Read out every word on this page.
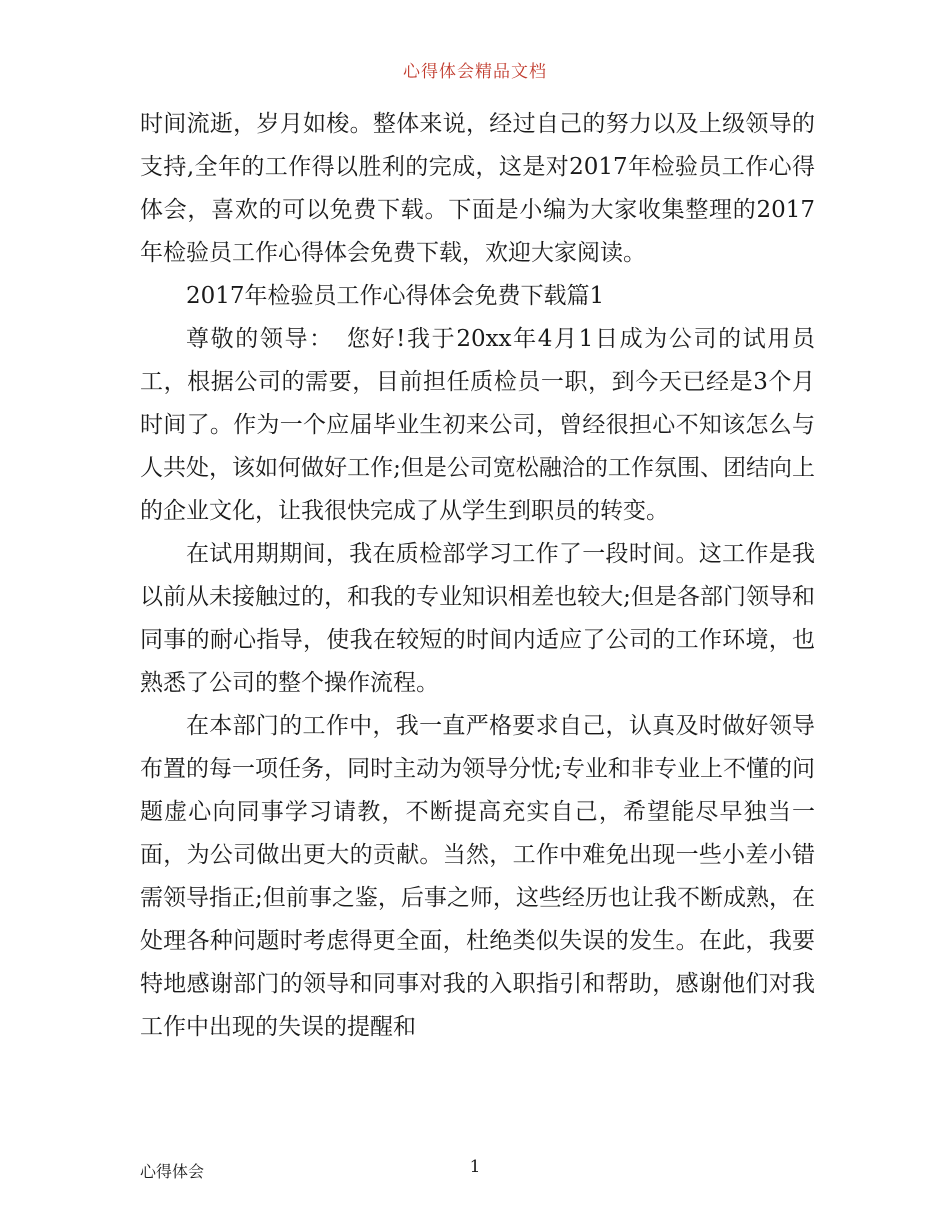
心得体会精品文档

时间流逝，岁月如梭。整体来说，经过自己的努力以及上级领导的支持,全年的工作得以胜利的完成，这是对2017年检验员工作心得体会，喜欢的可以免费下载。下面是小编为大家收集整理的2017年检验员工作心得体会免费下载，欢迎大家阅读。

2017年检验员工作心得体会免费下载篇1

尊敬的领导：　您好!我于20xx年4月1日成为公司的试用员工，根据公司的需要，目前担任质检员一职，到今天已经是3个月时间了。作为一个应届毕业生初来公司，曾经很担心不知该怎么与人共处，该如何做好工作;但是公司宽松融洽的工作氛围、团结向上的企业文化，让我很快完成了从学生到职员的转变。

在试用期期间，我在质检部学习工作了一段时间。这工作是我以前从未接触过的，和我的专业知识相差也较大;但是各部门领导和同事的耐心指导，使我在较短的时间内适应了公司的工作环境，也熟悉了公司的整个操作流程。

在本部门的工作中，我一直严格要求自己，认真及时做好领导布置的每一项任务，同时主动为领导分忧;专业和非专业上不懂的问题虚心向同事学习请教，不断提高充实自己，希望能尽早独当一面，为公司做出更大的贡献。当然，工作中难免出现一些小差小错需领导指正;但前事之鉴，后事之师，这些经历也让我不断成熟，在处理各种问题时考虑得更全面，杜绝类似失误的发生。在此，我要特地感谢部门的领导和同事对我的入职指引和帮助，感谢他们对我工作中出现的失误的提醒和

心得体会	1
